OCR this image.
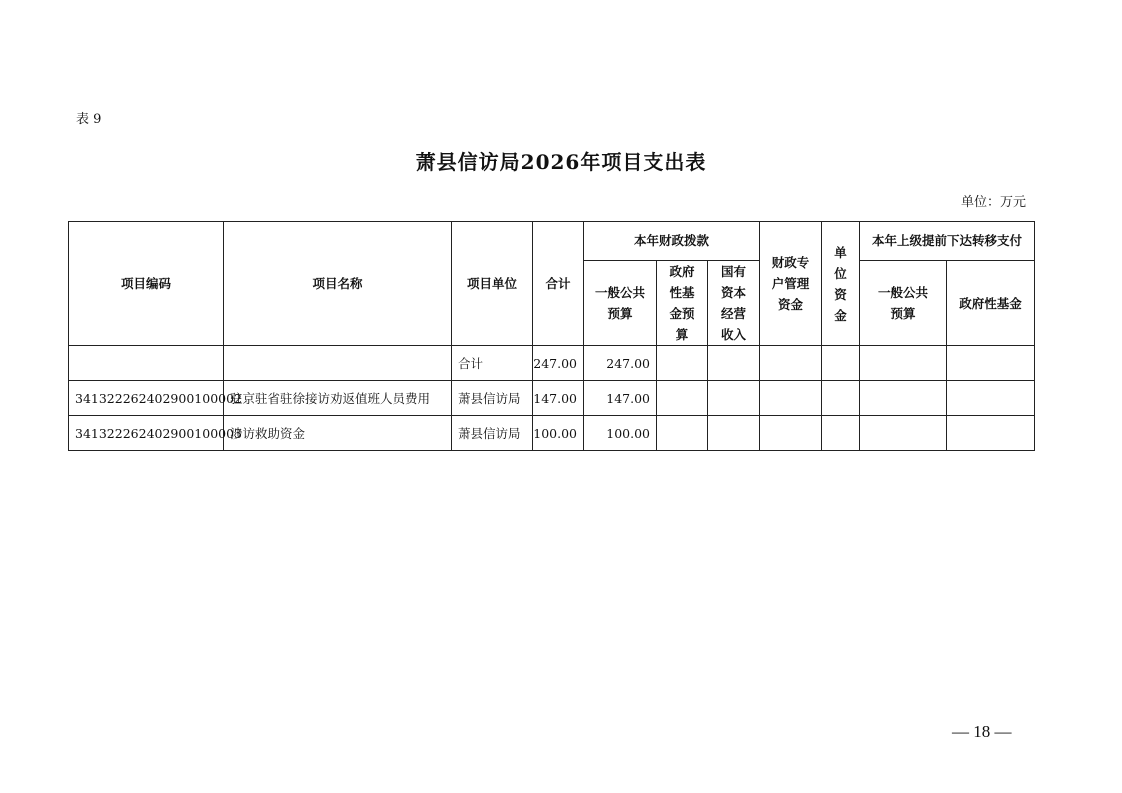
表 9
萧县信访局2026年项目支出表
单位：万元
项目编码	项目名称	项目单位	合计	本年财政拨款			财政专户管理资金	单位资金	本年上级提前下达转移支付	
				一般公共预算	政府性基金预算	国有资本经营收入			一般公共预算	政府性基金
		合计	247.00	247.00						
341322262402900100002	驻京驻省驻徐接访劝返值班人员费用	萧县信访局	147.00	147.00						
341322262402900100003	涉访救助资金	萧县信访局	100.00	100.00						
— 18 —
